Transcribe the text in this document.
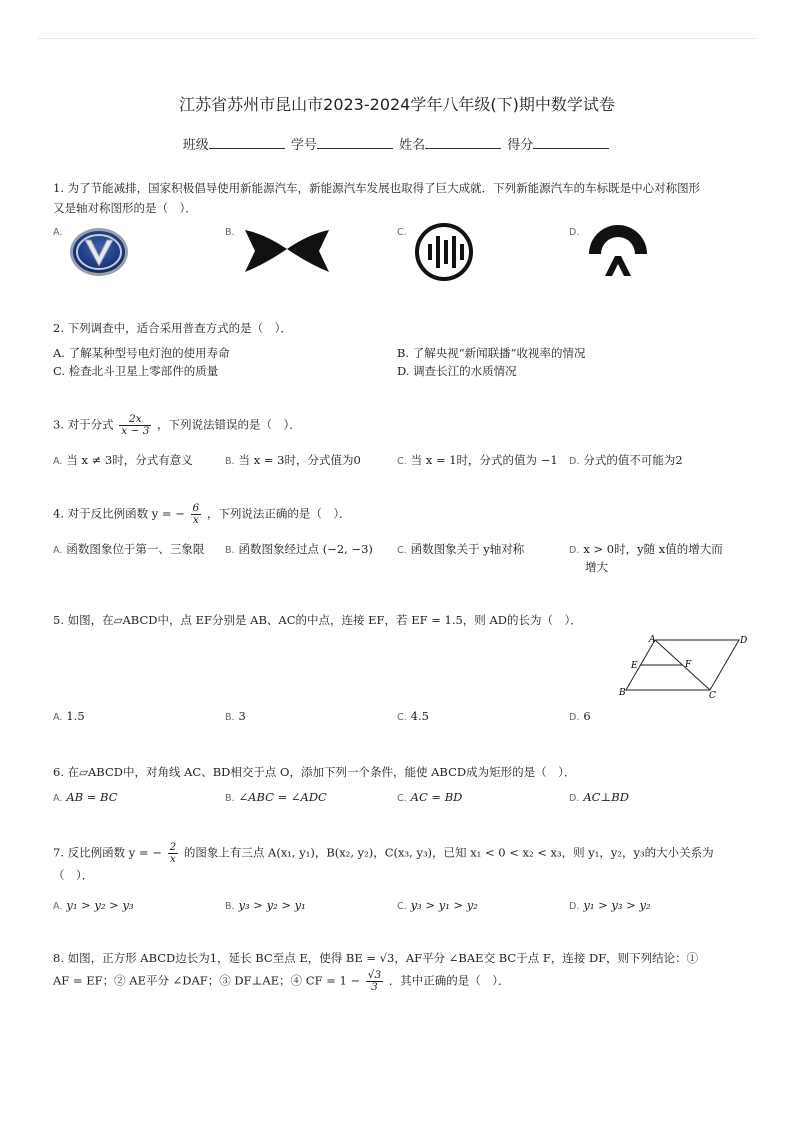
江苏省苏州市昆山市2023-2024学年八年级(下)期中数学试卷
班级	学号	姓名	得分
1. 为了节能减排，国家积极倡导使用新能源汽车，新能源汽车发展也取得了巨大成就．下列新能源汽车的车标既是中心对称图形
又是轴对称图形的是（　）．
A.	B.	C.	D.
2. 下列调查中，适合采用普查方式的是（　）．
A. 了解某种型号电灯泡的使用寿命	B. 了解央视“新闻联播”收视率的情况
C. 检查北斗卫星上零部件的质量	D. 调查长江的水质情况
3. 对于分式 $\frac{2x}{x - 3}$ ，下列说法错误的是（　）．
A. 当 x ≠ 3时，分式有意义	B. 当 x = 3时，分式值为0	C. 当 x = 1时，分式的值为 −1 D. 分式的值不可能为2
4. 对于反比例函数 y = − $\frac{6}{x}$ ，下列说法正确的是（　）．
A. 函数图象位于第一、三象限 B. 函数图象经过点 (−2, −3)	C. 函数图象关于 y轴对称	D. x > 0时，y随 x值的增大而
增大
5. 如图，在▱ABCD中，点 EF分别是 AB、AC的中点，连接 EF，若 EF = 1.5，则 AD的长为（　）．
A	D
B	C
E	F
A. 1.5	B. 3	C. 4.5	D. 6
6. 在▱ABCD中，对角线 AC、BD相交于点 O，添加下列一个条件，能使 ABCD成为矩形的是（　）．
A. AB = BC	B. ∠ABC = ∠ADC	C. AC = BD	D. AC⊥BD
7. 反比例函数 y = − $\frac{2}{x}$ 的图象上有三点 A(x₁, y₁)，B(x₂, y₂)，C(x₃, y₃)，已知 x₁ < 0 < x₂ < x₃，则 y₁，y₂，y₃的大小关系为
（　）．
A. y₁ > y₂ > y₃	B. y₃ > y₂ > y₁	C. y₃ > y₁ > y₂	D. y₁ > y₃ > y₂
8. 如图，正方形 ABCD边长为1，延长 BC至点 E，使得 BE = √3，AF平分 ∠BAE交 BC于点 F，连接 DF，则下列结论：①
AF = EF；② AE平分 ∠DAF；③ DF⊥AE；④ CF = $1 - \frac{√3}{3}$ ．其中正确的是（　）．
